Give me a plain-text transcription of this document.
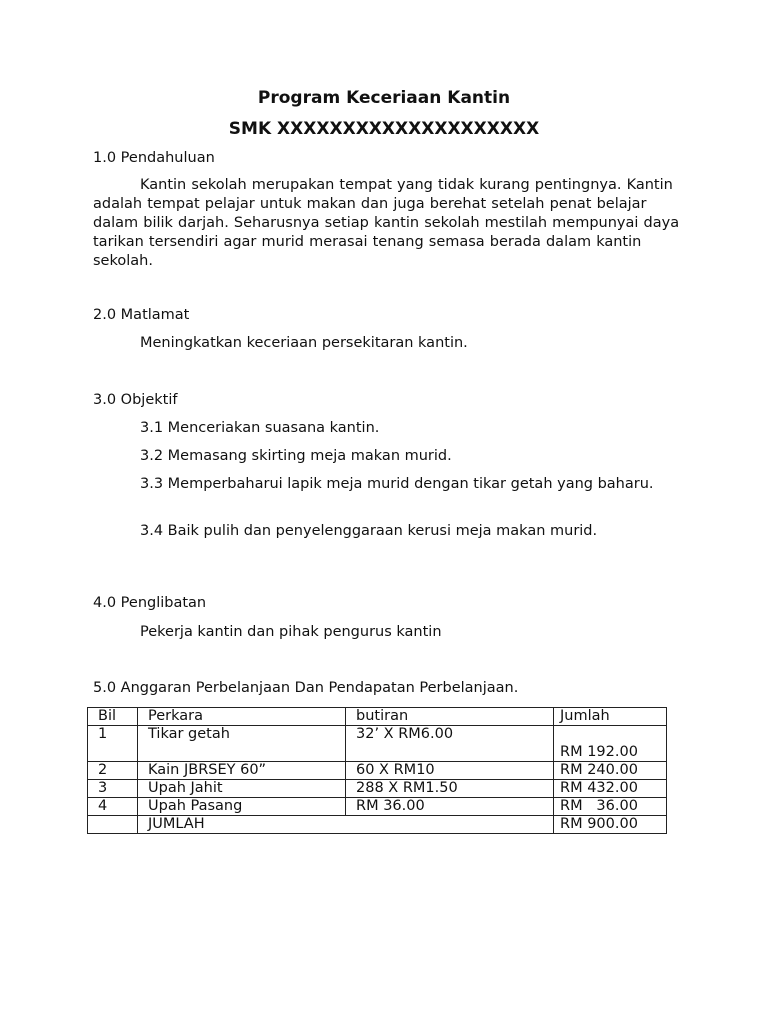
Program Keceriaan Kantin
SMK XXXXXXXXXXXXXXXXXXXX
1.0 Pendahuluan
Kantin sekolah merupakan tempat yang tidak kurang pentingnya. Kantin adalah tempat pelajar untuk makan dan juga berehat setelah penat belajar dalam bilik darjah. Seharusnya setiap kantin sekolah mestilah mempunyai daya tarikan tersendiri agar murid merasai tenang semasa berada dalam kantin sekolah.
2.0 Matlamat
Meningkatkan keceriaan persekitaran kantin.
3.0 Objektif
3.1 Menceriakan suasana kantin.
3.2 Memasang skirting meja makan murid.
3.3 Memperbaharui lapik meja murid dengan tikar getah yang baharu.
3.4 Baik pulih dan penyelenggaraan kerusi meja makan murid.
4.0 Penglibatan
Pekerja kantin dan pihak pengurus kantin
5.0 Anggaran Perbelanjaan Dan Pendapatan Perbelanjaan.
Bil	Perkara	butiran	Jumlah
1	Tikar getah	32’ X RM6.00	RM 192.00
2	Kain JBRSEY 60”	60 X RM10	RM 240.00
3	Upah Jahit	288 X RM1.50	RM 432.00
4	Upah Pasang	RM 36.00	RM   36.00
	JUMLAH		RM 900.00
